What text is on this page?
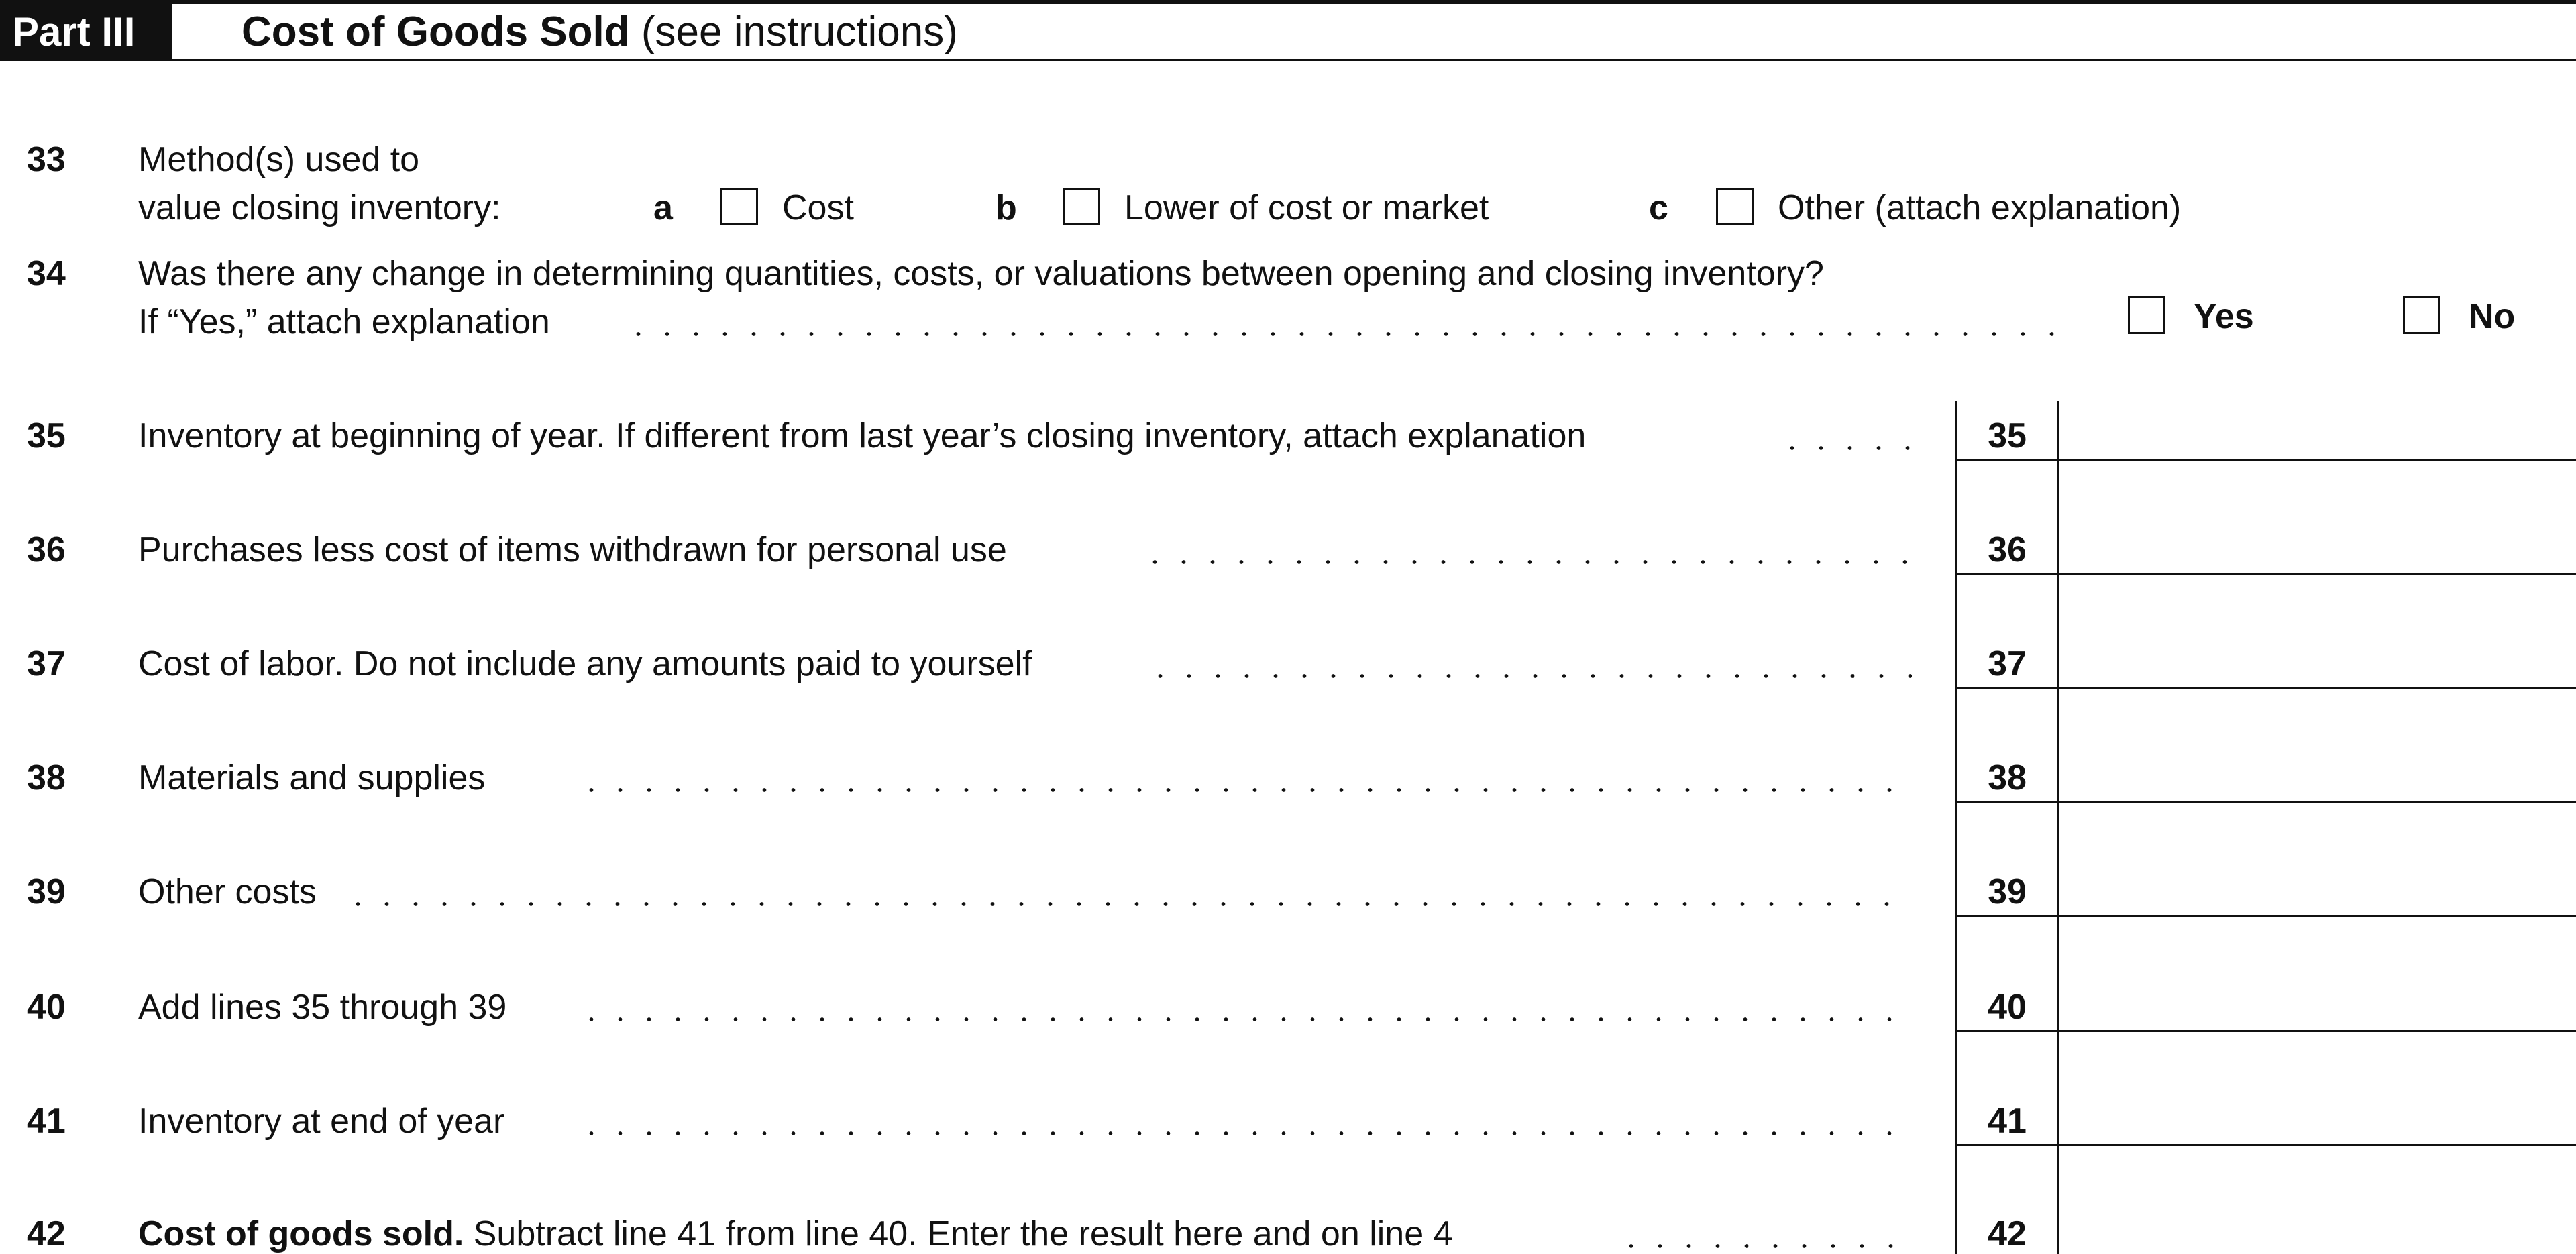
Part III	Cost of Goods Sold (see instructions)
33 Method(s) used to
value closing inventory:	a	Cost	b	Lower of cost or market	c	Other (attach explanation)
34 Was there any change in determining quantities, costs, or valuations between opening and closing inventory?
If “Yes,” attach explanation	Yes	No
35 Inventory at beginning of year. If different from last year’s closing inventory, attach explanation	35
36 Purchases less cost of items withdrawn for personal use	36
37 Cost of labor. Do not include any amounts paid to yourself	37
38 Materials and supplies	38
39 Other costs	39
40 Add lines 35 through 39	40
41 Inventory at end of year	41
42 Cost of goods sold. Subtract line 41 from line 40. Enter the result here and on line 4	42
